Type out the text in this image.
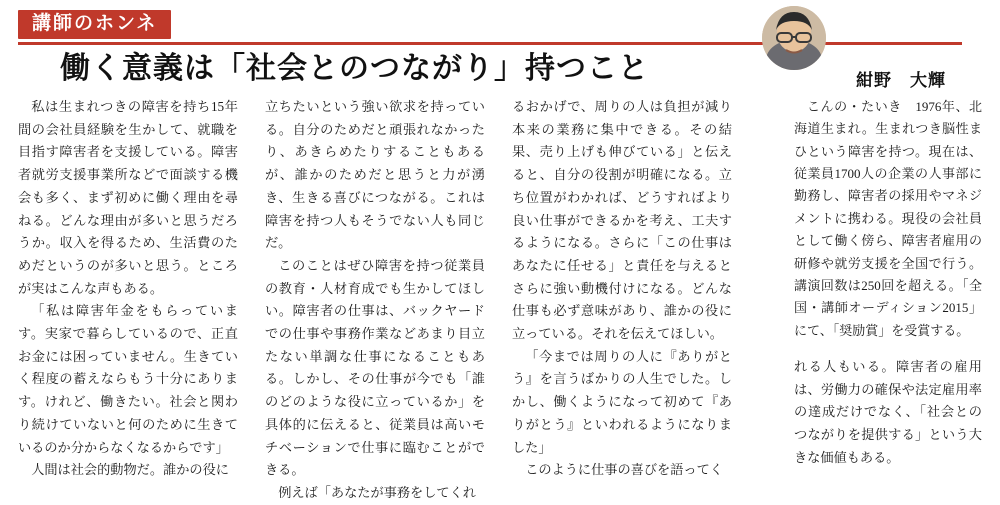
講師のホンネ
働く意義は「社会とのつながり」持つこと	紺野　大輝

私は生まれつきの障害を持ち15年間の会社員経験を生かして、就職を目指す障害者を支援している。障害者就労支援事業所などで面談する機会も多く、まず初めに働く理由を尋ねる。どんな理由が多いと思うだろうか。収入を得るため、生活費のためだというのが多いと思う。ところが実はこんな声もある。

「私は障害年金をもらっています。実家で暮らしているので、正直お金には困っていません。生きていく程度の蓄えならもう十分にあります。けれど、働きたい。社会と関わり続けていないと何のために生きているのか分からなくなるからです」

人間は社会的動物だ。誰かの役に

立ちたいという強い欲求を持っている。自分のためだと頑張れなかったり、あきらめたりすることもあるが、誰かのためだと思うと力が湧き、生きる喜びにつながる。これは障害を持つ人もそうでない人も同じだ。

このことはぜひ障害を持つ従業員の教育・人材育成でも生かしてほしい。障害者の仕事は、バックヤードでの仕事や事務作業などあまり目立たない単調な仕事になることもある。しかし、その仕事が今でも「誰のどのような役に立っているか」を具体的に伝えると、従業員は高いモチベーションで仕事に臨むことができる。

例えば「あなたが事務をしてくれ

るおかげで、周りの人は負担が減り本来の業務に集中できる。その結果、売り上げも伸びている」と伝えると、自分の役割が明確になる。立ち位置がわかれば、どうすればより良い仕事ができるかを考え、工夫するようになる。さらに「この仕事はあなたに任せる」と責任を与えるとさらに強い動機付けになる。どんな仕事も必ず意味があり、誰かの役に立っている。それを伝えてほしい。

「今までは周りの人に『ありがとう』を言うばかりの人生でした。しかし、働くようになって初めて『ありがとう』といわれるようになりました」

このように仕事の喜びを語ってく

こんの・たいき　1976年、北海道生まれ。生まれつき脳性まひという障害を持つ。現在は、従業員1700人の企業の人事部に勤務し、障害者の採用やマネジメントに携わる。現役の会社員として働く傍ら、障害者雇用の研修や就労支援を全国で行う。講演回数は250回を超える。「全国・講師オーディション2015」にて、「奨励賞」を受賞する。

れる人もいる。障害者の雇用は、労働力の確保や法定雇用率の達成だけでなく、「社会とのつながりを提供する」という大きな価値もある。
